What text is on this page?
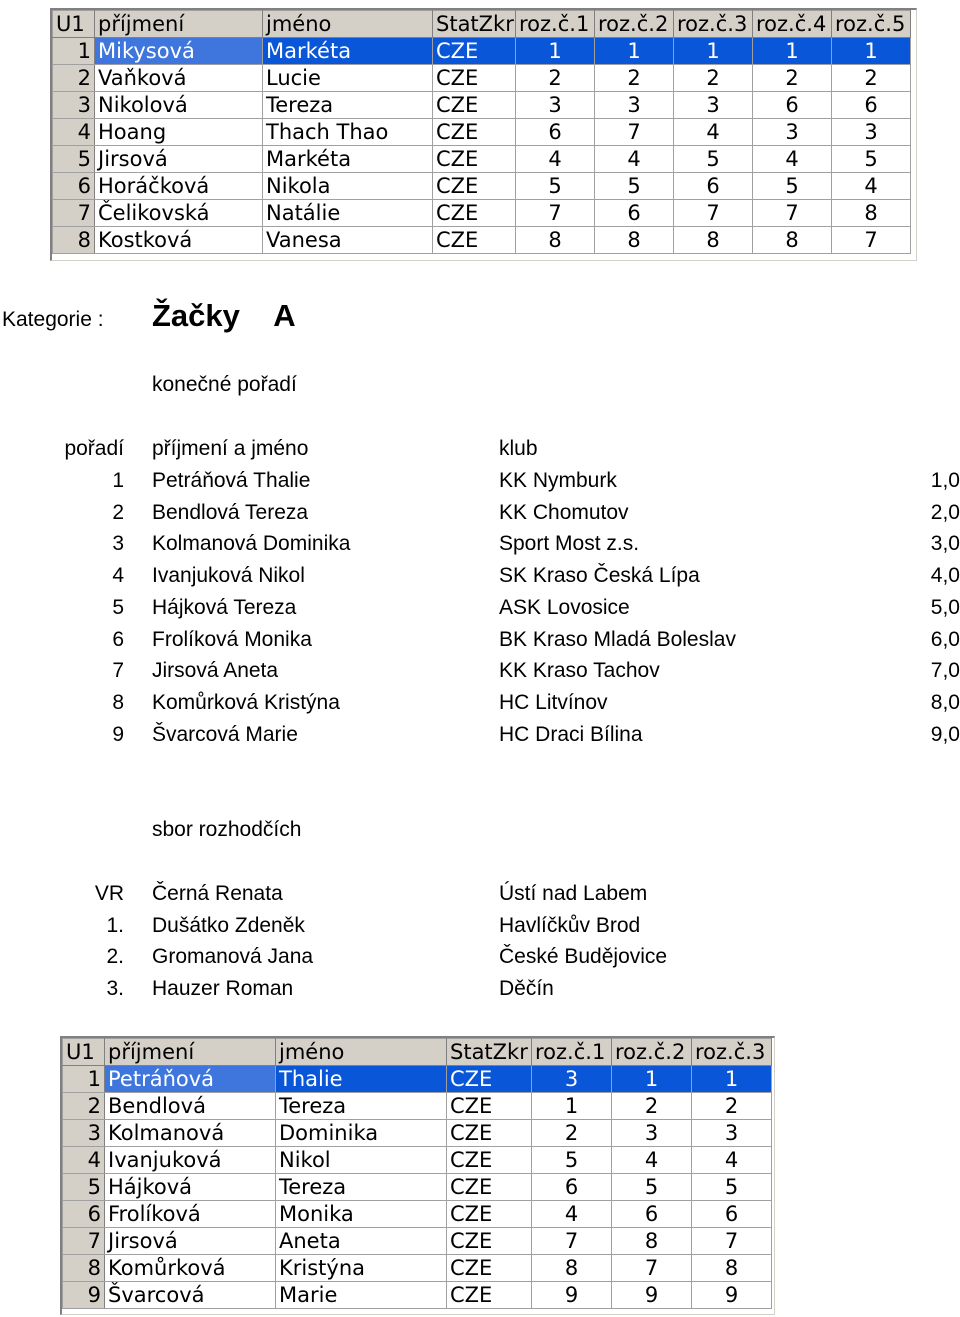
U1	příjmení	jméno	StatZkr	roz.č.1	roz.č.2	roz.č.3	roz.č.4	roz.č.5
1	Mikysová	Markéta	CZE	1	1	1	1	1
2	Vaňková	Lucie	CZE	2	2	2	2	2
3	Nikolová	Tereza	CZE	3	3	3	6	6
4	Hoang	Thach Thao	CZE	6	7	4	3	3
5	Jirsová	Markéta	CZE	4	4	5	4	5
6	Horáčková	Nikola	CZE	5	5	6	5	4
7	Čelikovská	Natálie	CZE	7	6	7	7	8
8	Kostková	Vanesa	CZE	8	8	8	8	7
Kategorie : Žačky    A
konečné pořadí
pořadí příjmení a jméno	klub
1 Petráňová Thalie	KK Nymburk	1,0
2 Bendlová Tereza	KK Chomutov	2,0
3 Kolmanová Dominika	Sport Most z.s.	3,0
4 Ivanjuková Nikol	SK Kraso Česká Lípa	4,0
5 Hájková Tereza	ASK Lovosice	5,0
6 Frolíková Monika	BK Kraso Mladá Boleslav	6,0
7 Jirsová Aneta	KK Kraso Tachov	7,0
8 Komůrková Kristýna	HC Litvínov	8,0
9 Švarcová Marie	HC Draci Bílina	9,0
sbor rozhodčích
VR Černá Renata	Ústí nad Labem
1. Dušátko Zdeněk	Havlíčkův Brod
2. Gromanová Jana	České Budějovice
3. Hauzer Roman	Děčín
U1	příjmení	jméno	StatZkr	roz.č.1	roz.č.2	roz.č.3
1	Petráňová	Thalie	CZE	3	1	1
2	Bendlová	Tereza	CZE	1	2	2
3	Kolmanová	Dominika	CZE	2	3	3
4	Ivanjuková	Nikol	CZE	5	4	4
5	Hájková	Tereza	CZE	6	5	5
6	Frolíková	Monika	CZE	4	6	6
7	Jirsová	Aneta	CZE	7	8	7
8	Komůrková	Kristýna	CZE	8	7	8
9	Švarcová	Marie	CZE	9	9	9
